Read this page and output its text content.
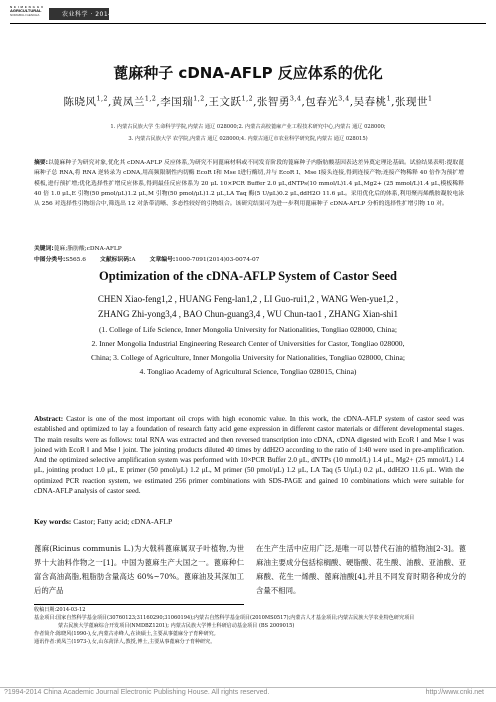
N E I M E N G G U
AGRICULTURAL
NORGBULI GENCHA	农业科学 · 2014, 29(3) : 74-80
蓖麻种子 cDNA-AFLP 反应体系的优化
陈晓风$^{1,2}$,黄凤兰$^{1,2}$,李国瑞$^{1,2}$,王文跃$^{1,2}$,张智勇$^{3,4}$,包春光$^{3,4}$,吴春桃$^1$,张现世$^1$
1. 内蒙古民族大学 生命科学学院,内蒙古 通辽 028000;2. 内蒙古高校蓖麻产业工程技术研究中心,内蒙古 通辽 028000;
3. 内蒙古民族大学 农学院,内蒙古 通辽 028000;4. 内蒙古通辽市农业科学研究院,内蒙古 通辽 028015)
摘要:以蓖麻种子为研究对象,优化其 cDNA-AFLP 反应体系,为研究不同蓖麻材料或不同发育阶段的蓖麻种子内脂肪酸基因表达差异奠定理论基础。试验结果表明:提取蓖麻种子总 RNA,将 RNA 逆转录为 cDNA,用高频限制性内切酶 EcoR Ⅰ和 Mse Ⅰ进行酶切,并与 EcoR Ⅰ、Mse Ⅰ接头连接,得到连接产物;连接产物稀释 40 倍作为预扩增模板,进行预扩增;优化选择性扩增反应体系,得到最佳反应体系为 20 μL 10×PCR Buffer 2.0 μL,dNTPs(10 mmol/L)1.4 μL,Mg2+ (25 mmol/L)1.4 μL,模板稀释 40 倍 1.0 μL,E 引物(50 pmol/μL)1.2 μL,M 引物(50 pmol/μL)1.2 μL,LA Taq 酶(5 U/μL)0.2 μL,ddH2O 11.6 μL。采用优化后的体系,利用聚丙烯酰胺凝胶电泳从 256 对选择性引物组合中,筛选出 12 对条带清晰、多态性较好的引物组合。该研究结果可为进一步利用蓖麻种子 cDNA-AFLP 分析的选择性扩增引物 10 对。
关键词:蓖麻;脂肪酸;cDNA-AFLP
中图分类号:S565.6 文献标识码:A 文章编号:1000-7091(2014)03-0074-07
Optimization of the cDNA-AFLP System of Castor Seed
CHEN Xiao-feng1,2 , HUANG Feng-lan1,2 , LI Guo-rui1,2 , WANG Wen-yue1,2 ,
ZHANG Zhi-yong3,4 , BAO Chun-guang3,4 , WU Chun-tao1 , ZHANG Xian-shi1
(1. College of Life Science, Inner Mongolia University for Nationalities, Tongliao 028000, China;
2. Inner Mongolia Industrial Engineering Research Center of Universities for Castor, Tongliao 028000,
China; 3. College of Agriculture, Inner Mongolia University for Nationalities, Tongliao 028000, China;
4. Tongliao Academy of Agricultural Science, Tongliao 028015, China)
Abstract: Castor is one of the most important oil crops with high economic value. In this work, the cDNA-AFLP system of castor seed was established and optimized to lay a foundation of research fatty acid gene expression in different castor materials or different developmental stages. The main results were as follows: total RNA was extracted and then reversed transcription into cDNA, cDNA digested with EcoR Ⅰ and Mse Ⅰ was joined with EcoR Ⅰ and Mse Ⅰ joint. The jointing products diluted 40 times by ddH2O according to the ratio of 1:40 were used in pre-amplification. And the optimized selective amplification system was performed with 10×PCR Buffer 2.0 μL, dNTPs (10 mmol/L) 1.4 μL, Mg2+ (25 mmol/L) 1.4 μL, jointing product 1.0 μL, E primer (50 pmol/μL) 1.2 μL, M primer (50 pmol/μL) 1.2 μL, LA Taq (5 U/μL) 0.2 μL, ddH2O 11.6 μL. With the optimized PCR reaction system, we estimated 256 primer combinations with SDS-PAGE and gained 10 combinations which were suitable for cDNA-AFLP analysis of castor seed.
Key words: Castor; Fatty acid; cDNA-AFLP
蓖麻(Ricinus communis L.)为大戟科蓖麻属双子叶植物,为世界十大油料作物之一[1]。中国为蓖麻生产大国之一。蓖麻种仁富含高油高脂,粗脂肪含量高达 60%~70%。蓖麻油及其深加工后的产品
在生产生活中应用广泛,是唯一可以替代石油的植物油[2-3]。蓖麻油主要成分包括棕榈酸、硬脂酸、花生酸、油酸、亚油酸、亚麻酸、花生一烯酸、蓖麻油酸[4],并且不同发育时期各种成分的含量不相同。
收稿日期:2014-03-12
基金项目:国家自然科学基金项目(30760123;31160290;31060194);内蒙古自然科学基金项目(2010MS0517);内蒙古人才基金项目;内蒙古民族大学农业特色研究项目
蒙古民族大学蓖麻综合开发项目(NMDBZ1201); 内蒙古民族大学博士科研启动基金项目 (BS 2009015)
作者简介:陈晓风(1990-),女,内蒙古赤峰人,在读硕士,主要从事蓖麻分子育种研究。
通讯作者:黄凤兰(1973-),女,山东菏泽人,教授,博士,主要从事蓖麻分子育种研究。
?1994-2014 China Academic Journal Electronic Publishing House. All rights reserved.	http://www.cnki.net
